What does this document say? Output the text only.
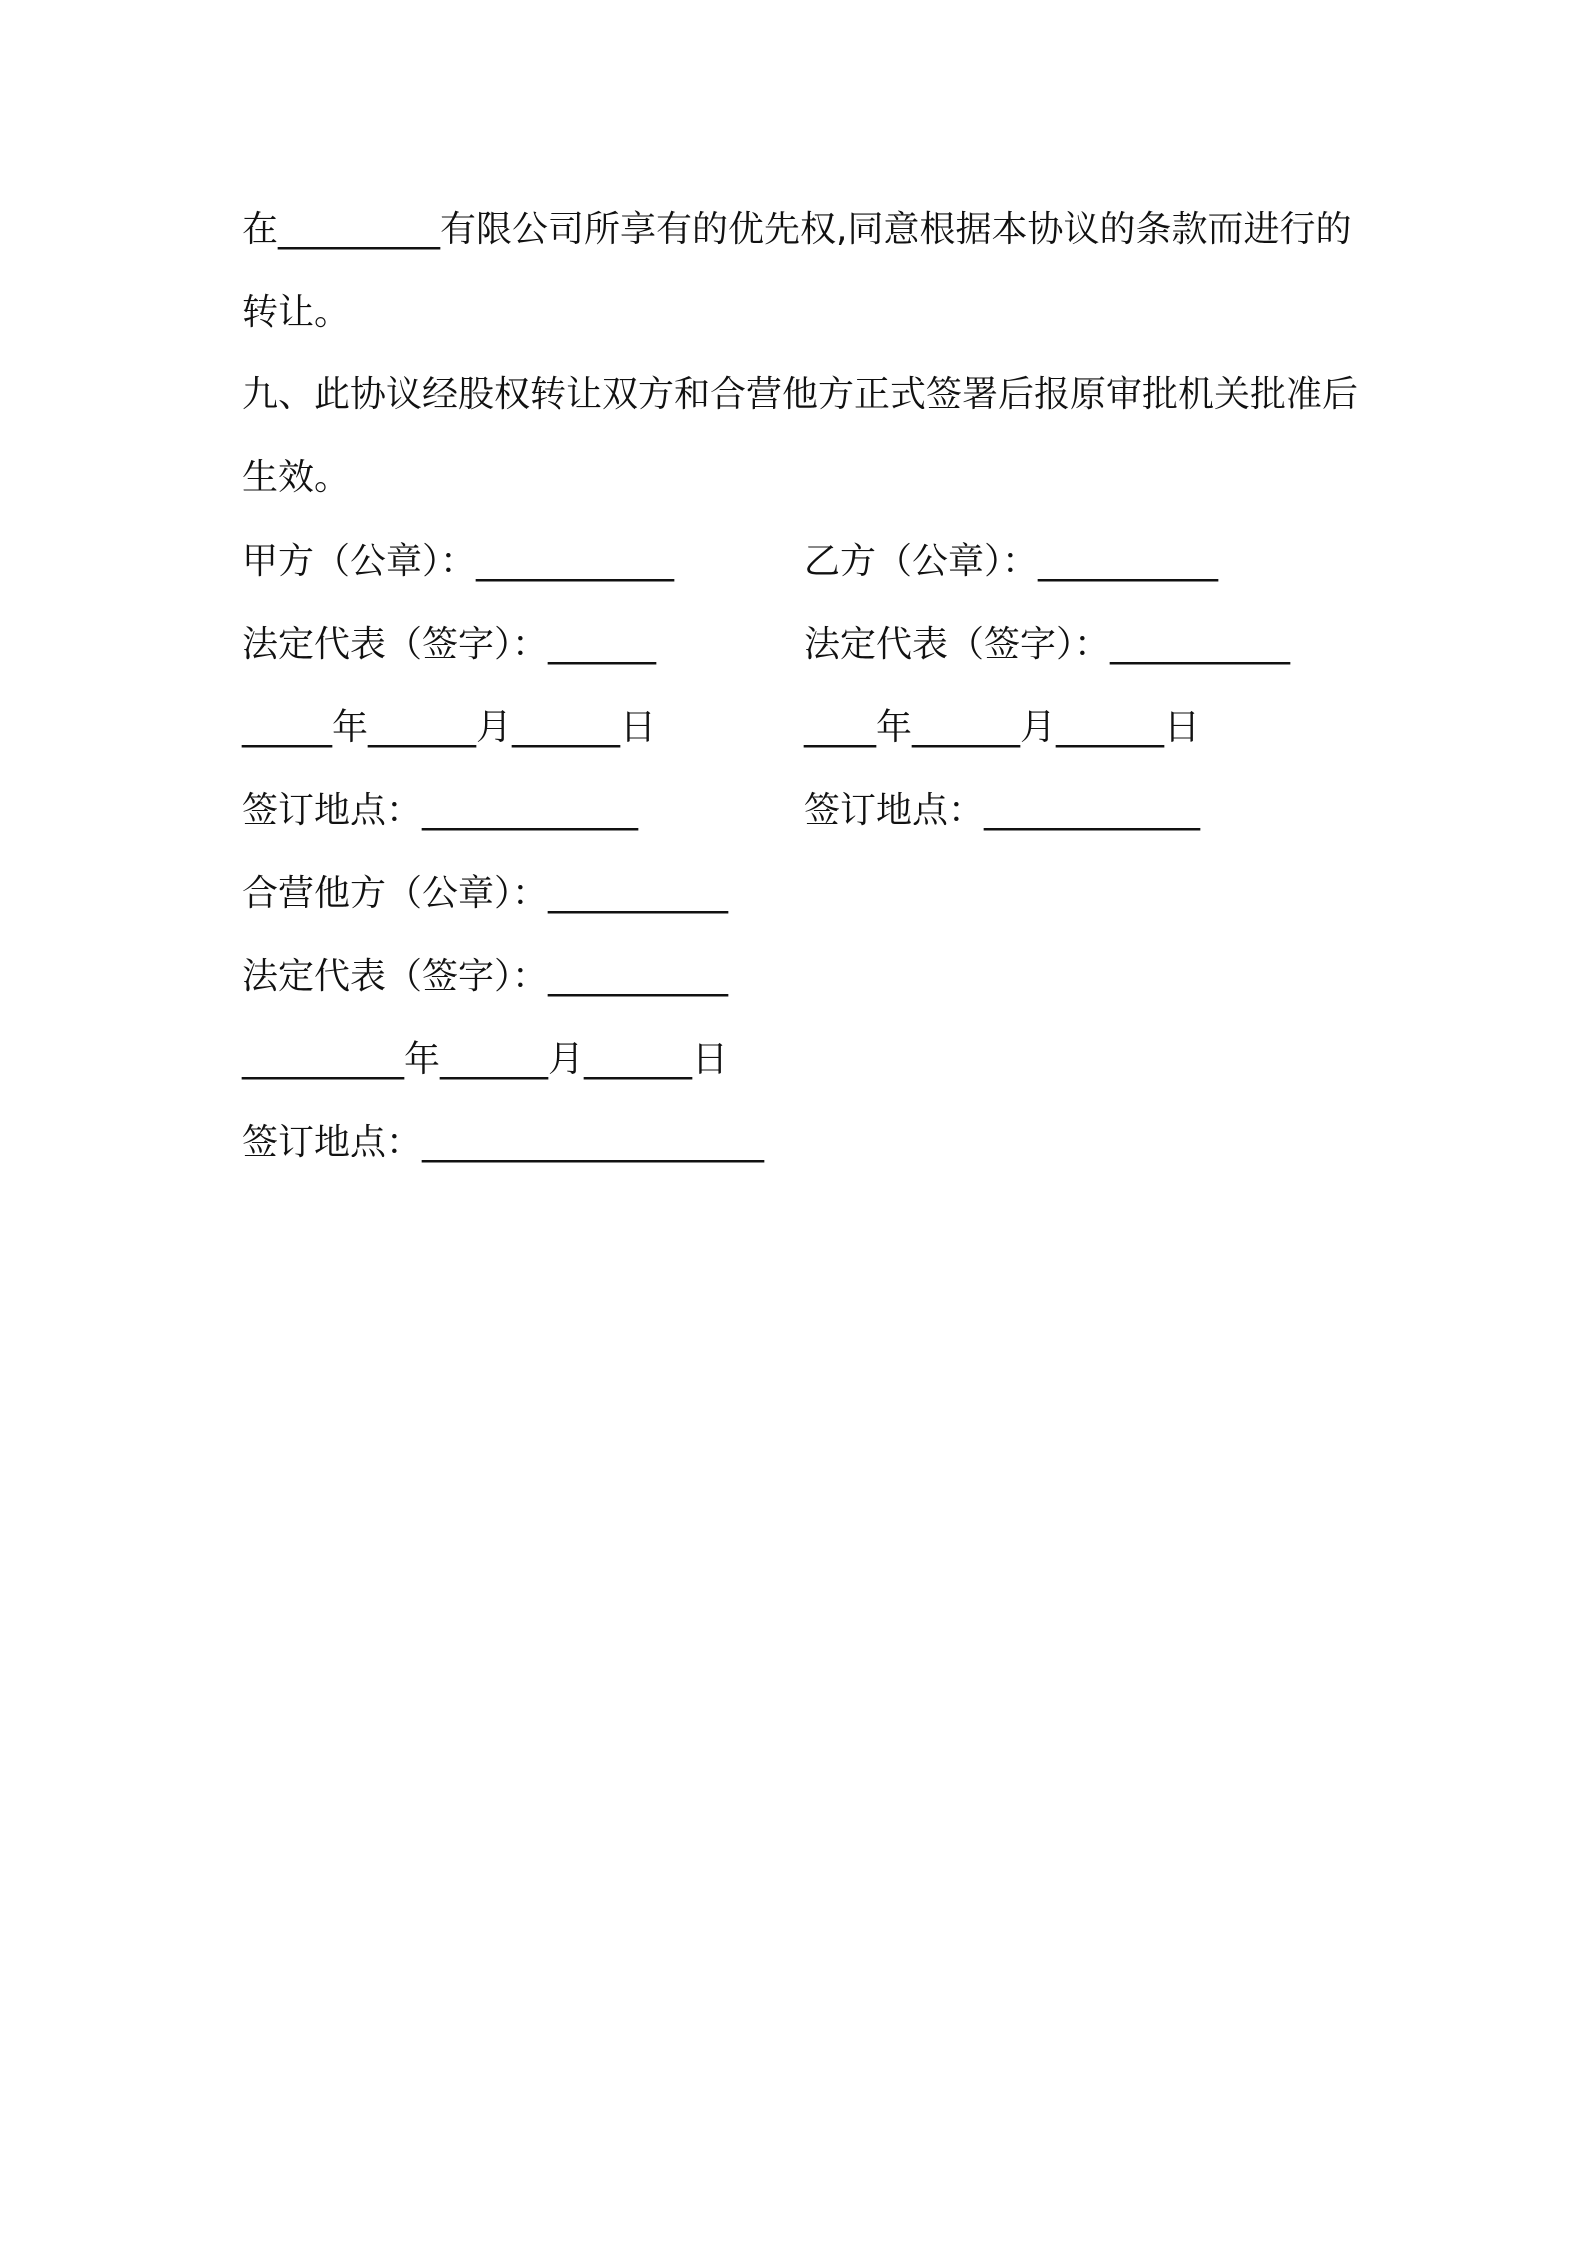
在_________有限公司所享有的优先权,同意根据本协议的条款而进行的转让。

九、此协议经股权转让双方和合营他方正式签署后报原审批机关批准后生效。

甲方（公章）：___________	乙方（公章）：__________
法定代表（签字）：______	法定代表（签字）：__________
_____年______月______日	____年______月______日
签订地点：____________	签订地点：____________
合营他方（公章）：__________
法定代表（签字）：__________
_________年______月______日
签订地点：___________________
